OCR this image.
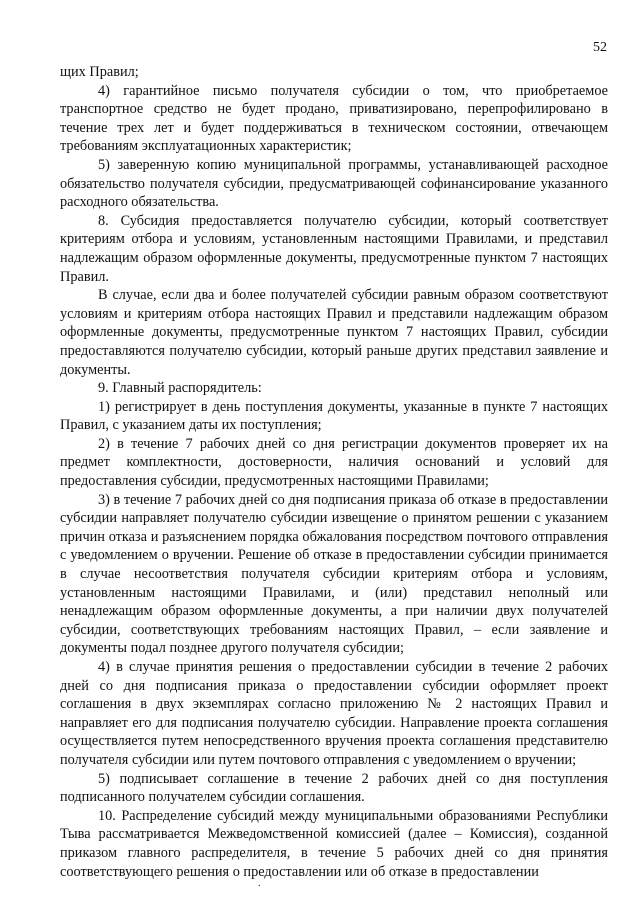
52

щих Правил;

4) гарантийное письмо получателя субсидии о том, что приобретаемое транспортное средство не будет продано, приватизировано, перепрофилировано в течение трех лет и будет поддерживаться в техническом состоянии, отвечающем требованиям эксплуатационных характеристик;

5) заверенную копию муниципальной программы, устанавливающей расходное обязательство получателя субсидии, предусматривающей софинансирование указанного расходного обязательства.

8. Субсидия предоставляется получателю субсидии, который соответствует критериям отбора и условиям, установленным настоящими Правилами, и представил надлежащим образом оформленные документы, предусмотренные пунктом 7 настоящих Правил.

В случае, если два и более получателей субсидии равным образом соответствуют условиям и критериям отбора настоящих Правил и представили надлежащим образом оформленные документы, предусмотренные пунктом 7 настоящих Правил, субсидии предоставляются получателю субсидии, который раньше других представил заявление и документы.

9. Главный распорядитель:

1) регистрирует в день поступления документы, указанные в пункте 7 настоящих Правил, с указанием даты их поступления;

2) в течение 7 рабочих дней со дня регистрации документов проверяет их на предмет комплектности, достоверности, наличия оснований и условий для предоставления субсидии, предусмотренных настоящими Правилами;

3) в течение 7 рабочих дней со дня подписания приказа об отказе в предоставлении субсидии направляет получателю субсидии извещение о принятом решении с указанием причин отказа и разъяснением порядка обжалования посредством почтового отправления с уведомлением о вручении. Решение об отказе в предоставлении субсидии принимается в случае несоответствия получателя субсидии критериям отбора и условиям, установленным настоящими Правилами, и (или) представил неполный или ненадлежащим образом оформленные документы, а при наличии двух получателей субсидии, соответствующих требованиям настоящих Правил, – если заявление и документы подал позднее другого получателя субсидии;

4) в случае принятия решения о предоставлении субсидии в течение 2 рабочих дней со дня подписания приказа о предоставлении субсидии оформляет проект соглашения в двух экземплярах согласно приложению № 2 настоящих Правил и направляет его для подписания получателю субсидии. Направление проекта соглашения осуществляется путем непосредственного вручения проекта соглашения представителю получателя субсидии или путем почтового отправления с уведомлением о вручении;

5) подписывает соглашение в течение 2 рабочих дней со дня поступления подписанного получателем субсидии соглашения.

10. Распределение субсидий между муниципальными образованиями Республики Тыва рассматривается Межведомственной комиссией (далее – Комиссия), созданной приказом главного распределителя, в течение 5 рабочих дней со дня принятия соответствующего решения о предоставлении или об отказе в предоставлении

.
